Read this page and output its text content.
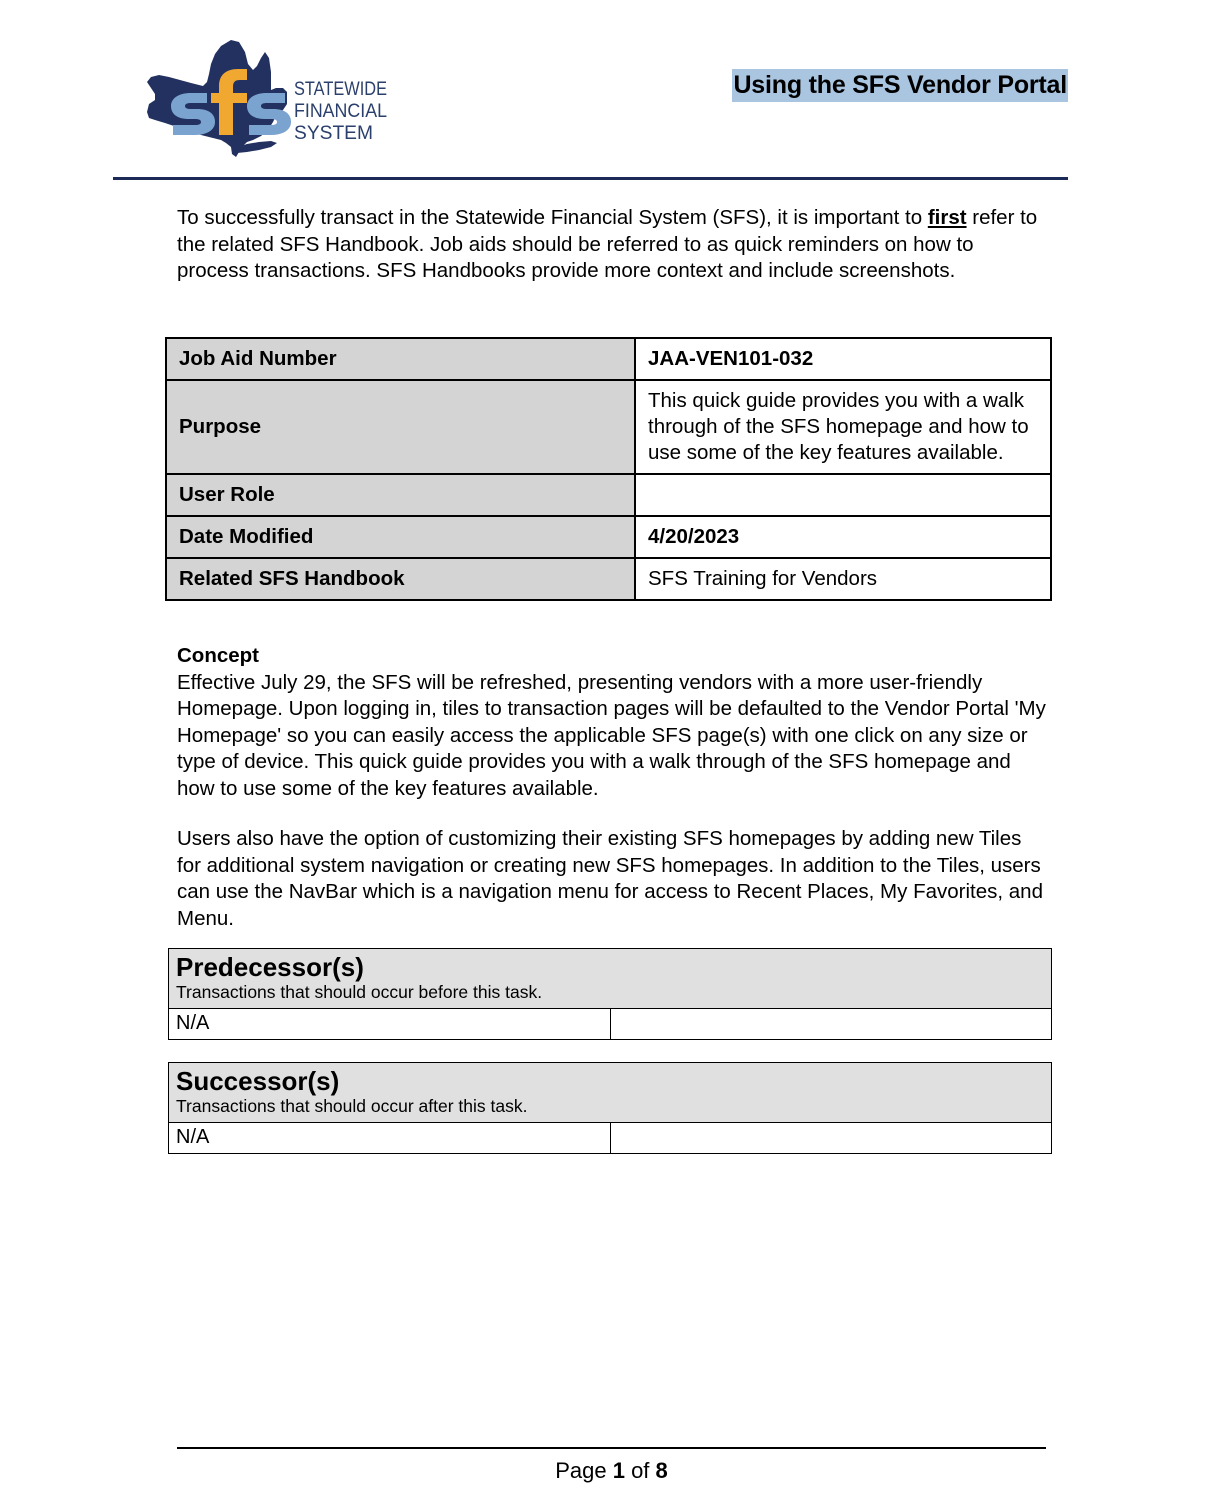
STATEWIDE
FINANCIAL
SYSTEM
Using the SFS Vendor Portal
To successfully transact in the Statewide Financial System (SFS), it is important to first refer to the related SFS Handbook. Job aids should be referred to as quick reminders on how to process transactions. SFS Handbooks provide more context and include screenshots.
Job Aid Number	JAA-VEN101-032
Purpose	This quick guide provides you with a walk through of the SFS homepage and how to use some of the key features available.
User Role	
Date Modified	4/20/2023
Related SFS Handbook	SFS Training for Vendors
Concept

Effective July 29, the SFS will be refreshed, presenting vendors with a more user-friendly Homepage. Upon logging in, tiles to transaction pages will be defaulted to the Vendor Portal 'My Homepage' so you can easily access the applicable SFS page(s) with one click on any size or type of device. This quick guide provides you with a walk through of the SFS homepage and how to use some of the key features available.

Users also have the option of customizing their existing SFS homepages by adding new Tiles for additional system navigation or creating new SFS homepages. In addition to the Tiles, users can use the NavBar which is a navigation menu for access to Recent Places, My Favorites, and Menu.

Predecessor(s)
Transactions that should occur before this task.

N/A	
Successor(s)
Transactions that should occur after this task.

N/A	
Page 1 of 8
